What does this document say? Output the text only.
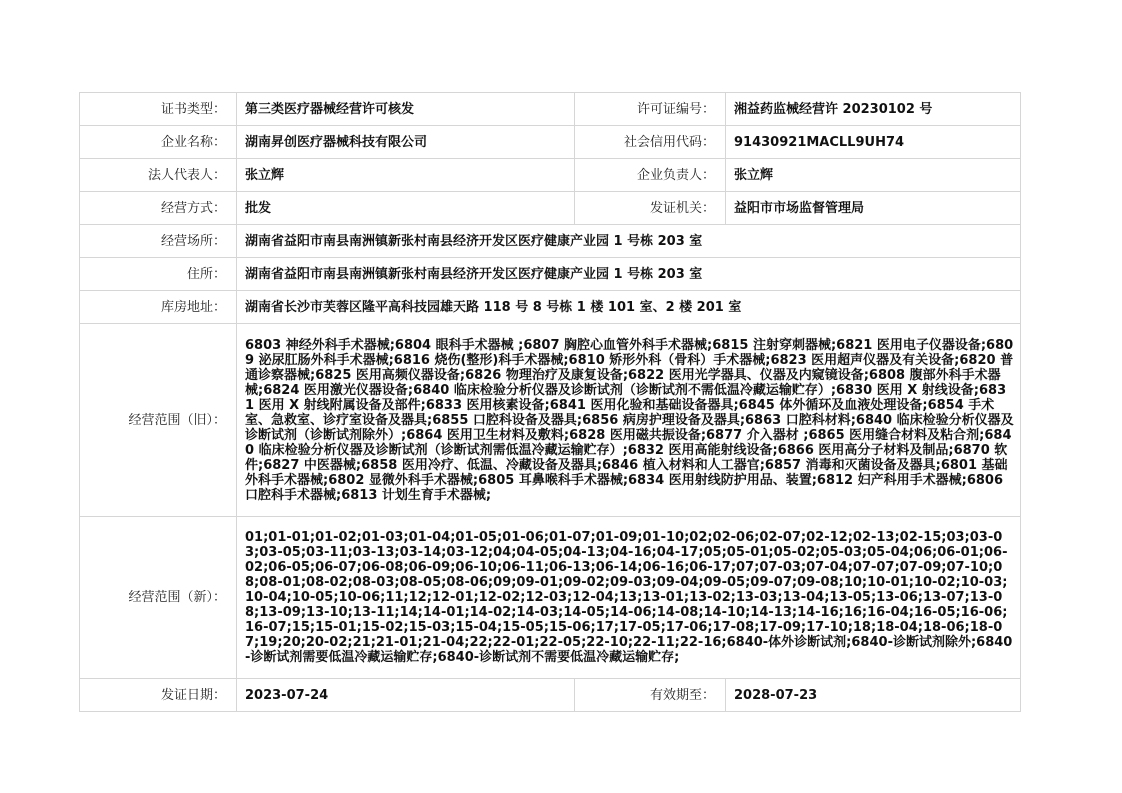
证书类型：	第三类医疗器械经营许可核发	许可证编号：	湘益药监械经营许 20230102 号
企业名称：	湖南昇创医疗器械科技有限公司	社会信用代码：	91430921MACLL9UH74
法人代表人：	张立辉	企业负责人：	张立辉
经营方式：	批发	发证机关：	益阳市市场监督管理局
经营场所：	湖南省益阳市南县南洲镇新张村南县经济开发区医疗健康产业园 1 号栋 203 室		
住所：	湖南省益阳市南县南洲镇新张村南县经济开发区医疗健康产业园 1 号栋 203 室		
库房地址：	湖南省长沙市芙蓉区隆平高科技园雄天路 118 号 8 号栋 1 楼 101 室、2 楼 201 室		
经营范围（旧）：	6803 神经外科手术器械;6804 眼科手术器械 ;6807 胸腔心血管外科手术器械;6815 注射穿刺器械;6821 医用电子仪器设备;6809 泌尿肛肠外科手术器械;6816 烧伤(整形)科手术器械;6810 矫形外科（骨科）手术器械;6823 医用超声仪器及有关设备;6820 普通诊察器械;6825 医用高频仪器设备;6826 物理治疗及康复设备;6822 医用光学器具、仪器及内窥镜设备;6808 腹部外科手术器械;6824 医用激光仪器设备;6840 临床检验分析仪器及诊断试剂（诊断试剂不需低温冷藏运输贮存）;6830 医用 X 射线设备;6831 医用 X 射线附属设备及部件;6833 医用核素设备;6841 医用化验和基础设备器具;6845 体外循环及血液处理设备;6854 手术室、急救室、诊疗室设备及器具;6855 口腔科设备及器具;6856 病房护理设备及器具;6863 口腔科材料;6840 临床检验分析仪器及诊断试剂（诊断试剂除外）;6864 医用卫生材料及敷料;6828 医用磁共振设备;6877 介入器材 ;6865 医用缝合材料及粘合剂;6840 临床检验分析仪器及诊断试剂（诊断试剂需低温冷藏运输贮存）;6832 医用高能射线设备;6866 医用高分子材料及制品;6870 软 件;6827 中医器械;6858 医用冷疗、低温、冷藏设备及器具;6846 植入材料和人工器官;6857 消毒和灭菌设备及器具;6801 基础外科手术器械;6802 显微外科手术器械;6805 耳鼻喉科手术器械;6834 医用射线防护用品、装置;6812 妇产科用手术器械;6806 口腔科手术器械;6813 计划生育手术器械;		
经营范围（新）：	01;01-01;01-02;01-03;01-04;01-05;01-06;01-07;01-09;01-10;02;02-06;02-07;02-12;02-13;02-15;03;03-03;03-05;03-11;03-13;03-14;03-12;04;04-05;04-13;04-16;04-17;05;05-01;05-02;05-03;05-04;06;06-01;06-02;06-05;06-07;06-08;06-09;06-10;06-11;06-13;06-14;06-16;06-17;07;07-03;07-04;07-07;07-09;07-10;08;08-01;08-02;08-03;08-05;08-06;09;09-01;09-02;09-03;09-04;09-05;09-07;09-08;10;10-01;10-02;10-03;10-04;10-05;10-06;11;12;12-01;12-02;12-03;12-04;13;13-01;13-02;13-03;13-04;13-05;13-06;13-07;13-08;13-09;13-10;13-11;14;14-01;14-02;14-03;14-05;14-06;14-08;14-10;14-13;14-16;16;16-04;16-05;16-06;16-07;15;15-01;15-02;15-03;15-04;15-05;15-06;17;17-05;17-06;17-08;17-09;17-10;18;18-04;18-06;18-07;19;20;20-02;21;21-01;21-04;22;22-01;22-05;22-10;22-11;22-16;6840-体外诊断试剂;6840-诊断试剂除外;6840-诊断试剂需要低温冷藏运输贮存;6840-诊断试剂不需要低温冷藏运输贮存;		
发证日期：	2023-07-24	有效期至：	2028-07-23
